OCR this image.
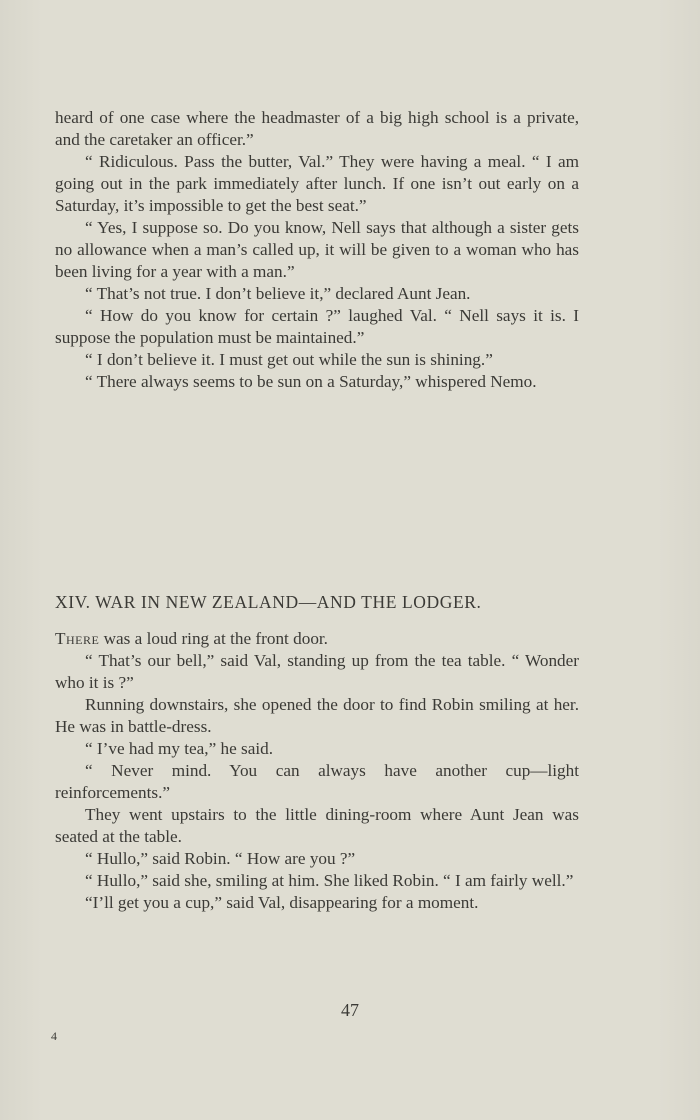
heard of one case where the headmaster of a big high school is a private, and the caretaker an officer.”

“ Ridiculous. Pass the butter, Val.” They were having a meal. “ I am going out in the park immediately after lunch. If one isn’t out early on a Saturday, it’s impossible to get the best seat.”

“ Yes, I suppose so. Do you know, Nell says that although a sister gets no allowance when a man’s called up, it will be given to a woman who has been living for a year with a man.”

“ That’s not true. I don’t believe it,” declared Aunt Jean.

“ How do you know for certain ?” laughed Val. “ Nell says it is. I suppose the population must be maintained.”

“ I don’t believe it. I must get out while the sun is shining.”

“ There always seems to be sun on a Saturday,” whispered Nemo.

XIV. WAR IN NEW ZEALAND—AND THE LODGER.

There was a loud ring at the front door.

“ That’s our bell,” said Val, standing up from the tea table. “ Wonder who it is ?”

Running downstairs, she opened the door to find Robin smiling at her. He was in battle-dress.

“ I’ve had my tea,” he said.

“ Never mind. You can always have another cup—light reinforcements.”

They went upstairs to the little dining-room where Aunt Jean was seated at the table.

“ Hullo,” said Robin. “ How are you ?”

“ Hullo,” said she, smiling at him. She liked Robin. “ I am fairly well.”

“I’ll get you a cup,” said Val, disappearing for a moment.

47
4
